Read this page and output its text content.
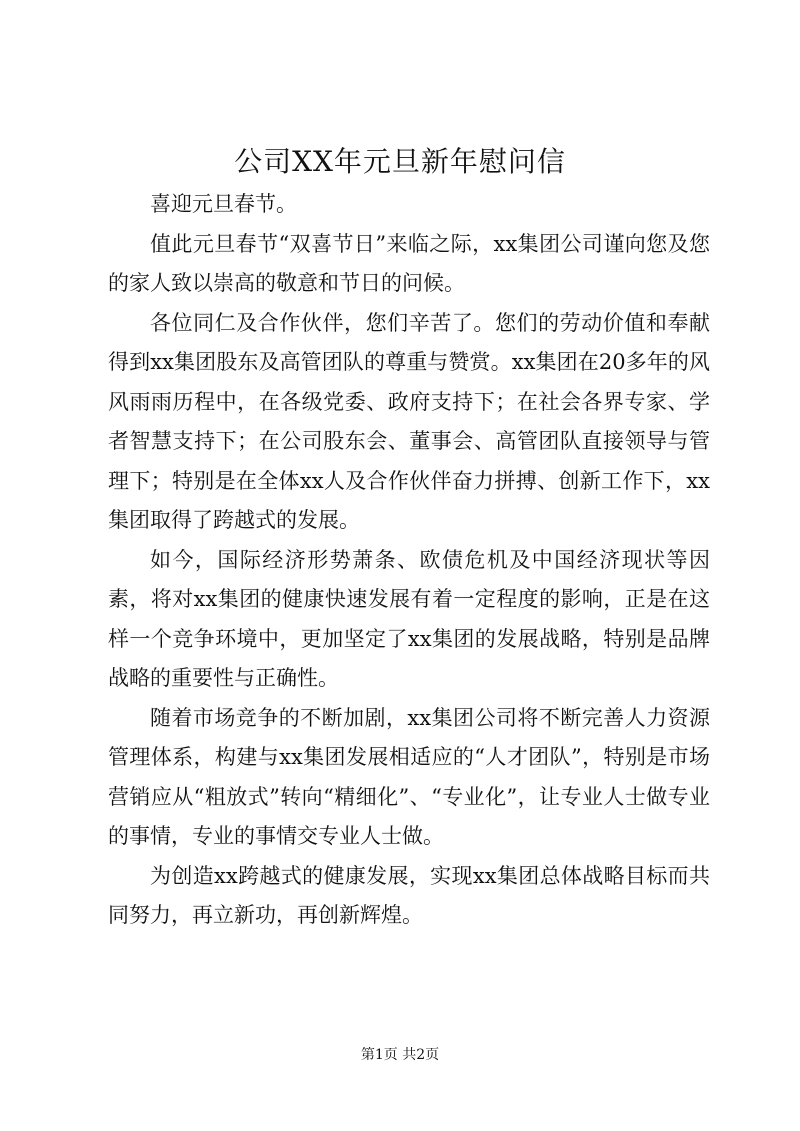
公司XX年元旦新年慰问信

喜迎元旦春节。

值此元旦春节“双喜节日”来临之际，xx集团公司谨向您及您的家人致以崇高的敬意和节日的问候。

各位同仁及合作伙伴，您们辛苦了。您们的劳动价值和奉献得到xx集团股东及高管团队的尊重与赞赏。xx集团在20多年的风风雨雨历程中，在各级党委、政府支持下；在社会各界专家、学者智慧支持下；在公司股东会、董事会、高管团队直接领导与管理下；特别是在全体xx人及合作伙伴奋力拼搏、创新工作下，xx集团取得了跨越式的发展。

如今，国际经济形势萧条、欧债危机及中国经济现状等因素，将对xx集团的健康快速发展有着一定程度的影响，正是在这样一个竞争环境中，更加坚定了xx集团的发展战略，特别是品牌战略的重要性与正确性。

随着市场竞争的不断加剧，xx集团公司将不断完善人力资源管理体系，构建与xx集团发展相适应的“人才团队”，特别是市场营销应从“粗放式”转向“精细化”、“专业化”，让专业人士做专业的事情，专业的事情交专业人士做。

为创造xx跨越式的健康发展，实现xx集团总体战略目标而共同努力，再立新功，再创新辉煌。

第1页 共2页
